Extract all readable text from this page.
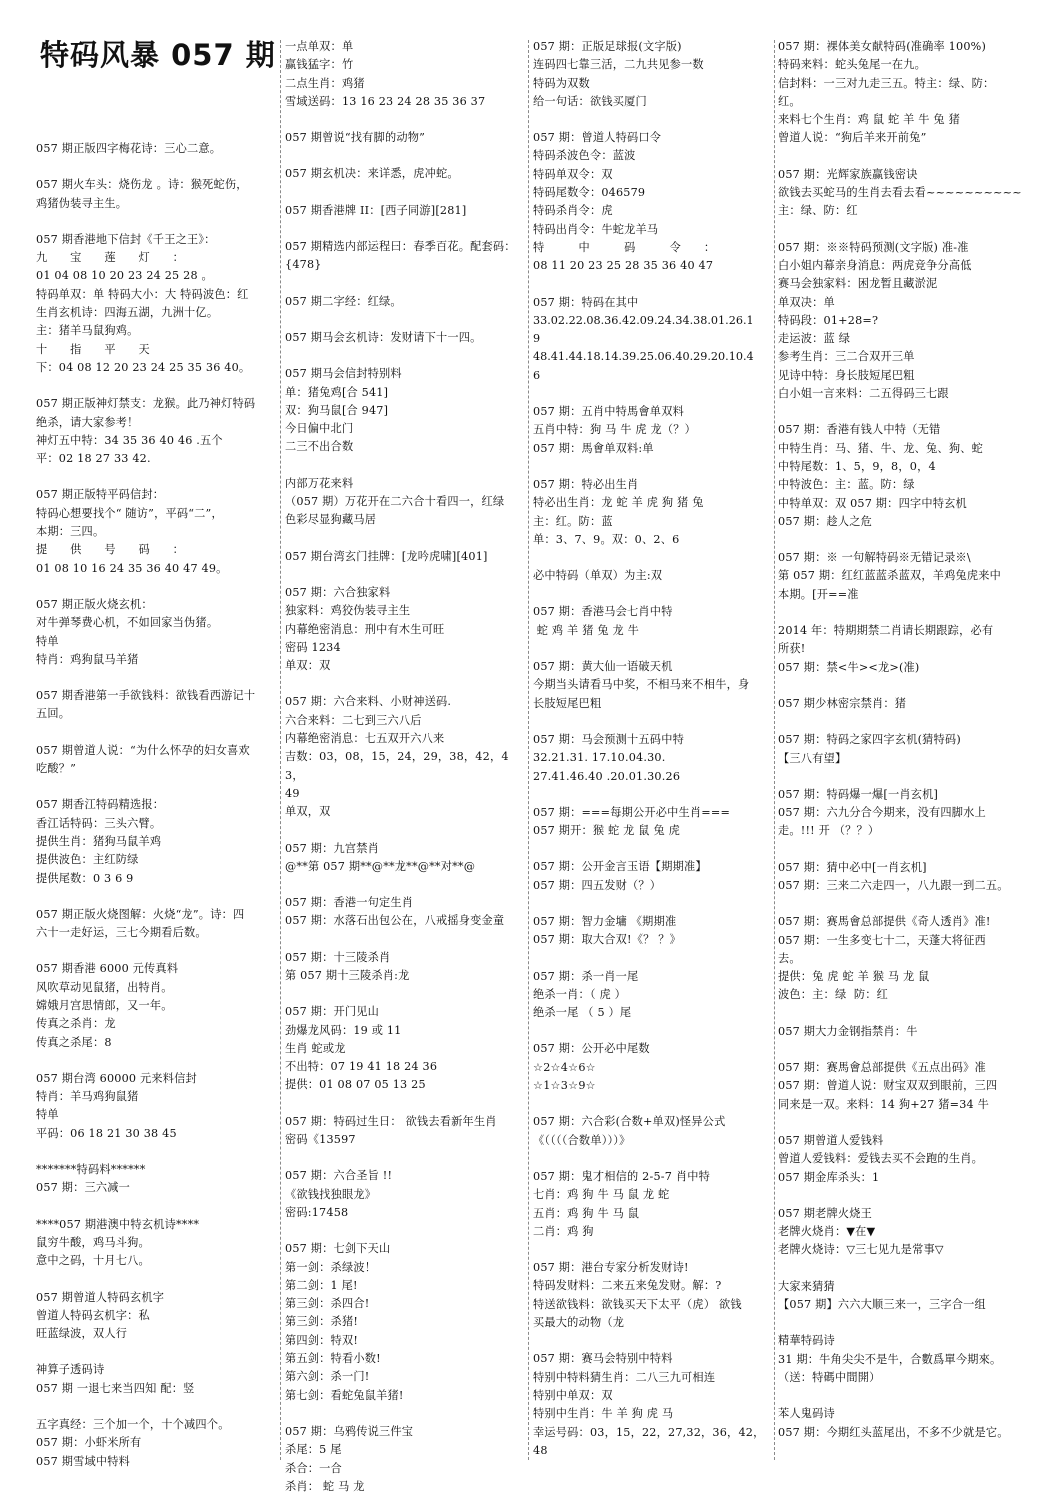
特码风暴 057 期
057 期正版四字梅花诗：三心二意。
057 期火车头：烧伤龙 。诗：猴死蛇伤，
鸡猪伪装寻主生。
057 期香港地下信封《千王之王》：
九　　宝　　莲　　灯　　：
01 04 08 10 20 23 24 25 28 。
特码单双：单 特码大小：大 特码波色：红
生肖玄机诗：四海五湖，九洲十亿。
主：猪羊马鼠狗鸡。
十　　指　　平　　天　　
下：04 08 12 20 23 24 25 35 36 40。
057 期正版神灯禁支：龙猴。此乃神灯特码
绝杀，请大家参考！
神灯五中特：34 35 36 40 46 .五个
平：02 18 27 33 42.
057 期正版特平码信封：
特码心想要找个“ 随访”，平码“二”，
本期：三四。
提　　供　　号　　码　　：
01 08 10 16 24 35 36 40 47 49。
057 期正版火烧玄机：
对牛弹琴费心机，不如回家当伪猪。
特单
特肖：鸡狗鼠马羊猪
057 期香港第一手欲钱料：欲钱看西游记十
五回。
057 期曾道人说：“为什么怀孕的妇女喜欢
吃酸？”
057 期香江特码精选报：
香江话特码：三头六臂。
提供生肖：猪狗马鼠羊鸡
提供波色：主红防绿
提供尾数：0 3 6 9
057 期正版火烧图解：火烧“龙”。诗：四
六十一走好运，三七今期看后数。
057 期香港 6000 元传真料
风吹草动见鼠猪，出特肖。
嫦娥月宫思情郎，又一年。
传真之杀肖：龙
传真之杀尾：8
057 期台湾 60000 元来料信封
特肖：羊马鸡狗鼠猪
特单
平码：06 18 21 30 38 45
*******特码料******
057 期：三六减一
****057 期港澳中特玄机诗****
鼠穷牛酸，鸡马斗狗。
意中之码，十月七八。
057 期曾道人特码玄机字
曾道人特码玄机字：私
旺蓝绿波，双人行
神算子透码诗
057 期 一退七来当四知 配：竖
五字真经：三个加一个，十个减四个。
057 期：小虾米所有
057 期雪域中特料
一点单双：单
赢钱猛字：竹
二点生肖：鸡猪
雪域送码：13 16 23 24 28 35 36 37
057 期曾说“找有脚的动物”
057 期玄机决：来详悉，虎冲蛇。
057 期香港牌 II：[西子同游][281]
057 期精选内部运程曰：春季百花。配套码：
{478}
057 期二字经：红绿。
057 期马会玄机诗：发财请下十一四。
057 期马会信封特别料
单：猪兔鸡[合 541]
双：狗马鼠[合 947]
今日偏中北门
二三不出合数
内部万花来料
（057 期）万花开在二六合十看四一，红绿
色彩尽显狗藏马居
057 期台湾玄门挂牌：[龙吟虎啸][401]
057 期：六合独家料
独家料：鸡狡伪装寻主生
内幕绝密消息：刑中有木生可旺
密码 1234
单双：双
057 期：六合来料、小财神送码.
六合来料：二七到三六八后
内幕绝密消息：七五双开六八来
吉数：03，08，15，24，29，38，42，43，
49
单双，双
057 期：九宫禁肖
@**第 057 期**@**龙**@**对**@
057 期：香港一句定生肖
057 期：水落石出包公在，八戒摇身变金童
057 期：十三陵杀肖
第 057 期十三陵杀肖:龙
057 期：开门见山
劲爆龙风码：19 或 11
生肖 蛇或龙
不出特：07 19 41 18 24 36
提供：01 08 07 05 13 25
057 期：特码过生日： 欲钱去看新年生肖
密码《13597
057 期：六合圣旨 !!
《欲钱找独眼龙》
密码:17458
057 期：七剑下天山
第一剑：杀绿波！
第二剑：1 尾!
第三剑：杀四合!
第三剑：杀猪!
第四剑：特双!
第五剑：特看小数!
第六剑：杀一门!
第七剑：看蛇兔鼠羊猪!
057 期：乌鸦传说三件宝
杀尾：5 尾
杀合：一合
杀肖： 蛇 马 龙
057 期：正版足球报(文字版)
连码四七靠三活，二九共见参一数
特码为双数
给一句话：欲钱买厦门
057 期：曾道人特码口令
特码杀波色令：蓝波
特码单双令：双
特码尾数令：046579
特码杀肖令：虎
特码出肖令：牛蛇龙羊马
特　　　中　　　码　　　令　　：
08 11 20 23 25 28 35 36 40 47
057 期：特码在其中
33.02.22.08.36.42.09.24.34.38.01.26.1
9
48.41.44.18.14.39.25.06.40.29.20.10.4
6
057 期：五肖中特馬會单双料
五肖中特：狗 马 牛 虎 龙（？）
057 期：馬會单双料:单
057 期：特必出生肖
特必出生肖：龙 蛇 羊 虎 狗 猪 兔
主：红。防：蓝
单：3、7、9。双：0、2、6
必中特码（单双）为主:双
057 期：香港马会七肖中特
蛇 鸡 羊 猪 兔 龙 牛
057 期：黄大仙一语破天机
今期当头请看马中奖，不相马来不相牛，身
长肢短尾巴粗
057 期：马会预测十五码中特
32.21.31. 17.10.04.30.
27.41.46.40 .20.01.30.26
057 期：===每期公开必中生肖===
057 期开：猴 蛇 龙 鼠 兔 虎
057 期：公开金言玉语【期期准】
057 期：四五发财（？）
057 期：智力金墉 《期期准
057 期：取大合双!《？ ？》
057 期：杀一肖一尾
绝杀一肖：（ 虎 ）
绝杀一尾 （ 5 ）尾
057 期：公开必中尾数
☆2☆4☆6☆
☆1☆3☆9☆
057 期：六合彩(合数+单双)怪异公式
《（（（（合数单）））》
057 期：鬼才相信的 2-5-7 肖中特
七肖：鸡 狗 牛 马 鼠 龙 蛇
五肖：鸡 狗 牛 马 鼠
二肖：鸡 狗
057 期：港台专家分析发财诗!
特码发财料：二来五来兔发财。解：?
特送欲钱料：欲钱买天下太平（虎） 欲钱
买最大的动物（龙
057 期：赛马会特别中特料
特别中特料猜生肖：二八三九可相连
特别中单双：双
特别中生肖：牛 羊 狗 虎 马
幸运号码：03，15，22，27,32，36，42，
48
057 期：裸体美女献特码(准确率 100%)
特码来料：蛇头兔尾一在九。
信封料：一三对九走三五。特主：绿、防：
红。
来料七个生肖：鸡 鼠 蛇 羊 牛 兔 猪
曾道人说：“狗后羊来开前兔”
057 期：光辉家族赢钱密诀
欲钱去买蛇马的生肖去看去看~~~~~~~~~~
主：绿、防：红
057 期：※※特码预测(文字版) 准-准
白小姐内幕亲身消息：两虎竞争分高低
赛马会独家料：困龙暂且藏淤泥
单双决：单
特码段：01+28=?
走运波：蓝 绿
参考生肖：三二合双开三单
见诗中特：身长肢短尾巴粗
白小姐一言来料：二五得码三七跟
057 期：香港有钱人中特（无错
中特生肖：马、猪、牛、龙、兔、狗、蛇
中特尾数：1、5，9，8，0，4
中特波色：主：蓝。防：绿
中特单双：双 057 期：四字中特玄机
057 期：趁人之危
057 期：※ 一句解特码※无错记录※\
第 057 期：红红蓝蓝杀蓝双，羊鸡兔虎来中
本期。[开==准
2014 年：特期期禁二肖请长期跟踪，必有
所获!
057 期：禁<牛><龙>(准)
057 期少林密宗禁肖：猪
057 期：特码之家四字玄机(猜特码)
【三八有望】
057 期：特码爆一爆[一肖玄机]
057 期：六九分合今期来，没有四脚水上
走。!!! 开 （？？）
057 期：猜中必中[一肖玄机]
057 期：三来二六走四一，八九跟一到二五。
057 期：赛馬會总部提供《奇人透肖》准!
057 期：一生多变七十二，天蓬大将征西
去。
提供：兔 虎 蛇 羊 猴 马 龙 鼠
波色：主：绿  防：红
057 期大力金钢指禁肖：牛
057 期：赛馬會总部提供《五点出码》准
057 期：曾道人说：财宝双双到眼前，三四
同来是一双。来料：14 狗+27 猪=34 牛
057 期曾道人爱钱料
曾道人爱钱料：爱钱去买不会跑的生肖。
057 期金库杀头：1
057 期老牌火烧王
老牌火烧肖：▼在▼
老牌火烧诗：▽三七见九是常事▽
大家来猜猜
【057 期】六六大顺三来一，三字合一组
精華特码诗
31 期：牛角尖尖不是牛，合數爲單今期來。
（送：特碼中間開）
苯人鬼码诗
057 期：今期红头蓝尾出，不多不少就是它。
